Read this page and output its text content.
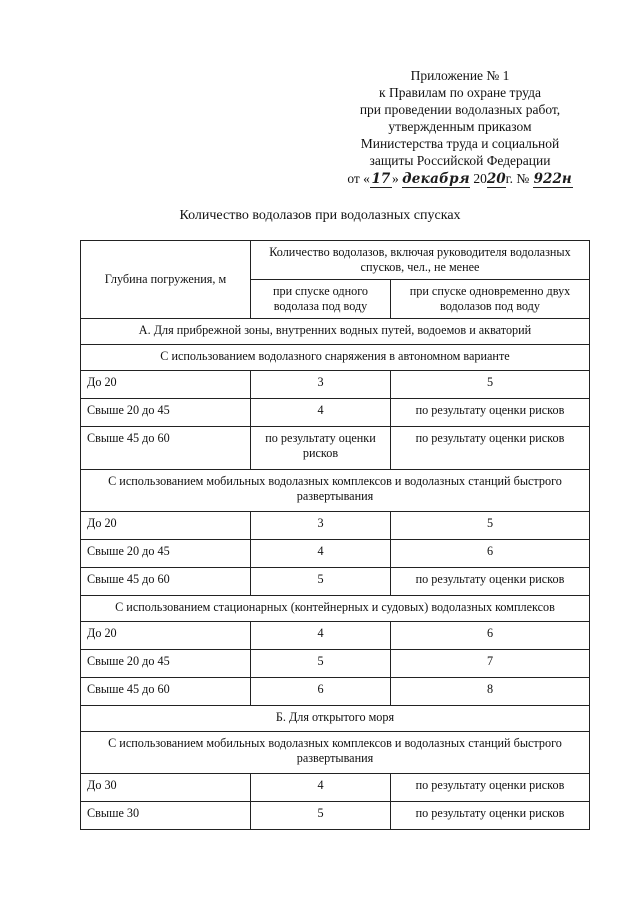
Приложение № 1
к Правилам по охране труда
при проведении водолазных работ,
утвержденным приказом
Министерства труда и социальной
защиты Российской Федерации
от « 17 » декабря 2020г. № 922н
Количество водолазов при водолазных спусках
Глубина погружения, м	Количество водолазов, включая руководителя водолазных спусков, чел., не менее	
	при спуске одного водолаза под воду	при спуске одновременно двух водолазов под воду
А. Для прибрежной зоны, внутренних водных путей, водоемов и акваторий		
С использованием водолазного снаряжения в автономном варианте		
До 20	3	5
Свыше 20 до 45	4	по результату оценки рисков
Свыше 45 до 60	по результату оценки рисков	по результату оценки рисков
С использованием мобильных водолазных комплексов и водолазных станций быстрого развертывания		
До 20	3	5
Свыше 20 до 45	4	6
Свыше 45 до 60	5	по результату оценки рисков
С использованием стационарных (контейнерных и судовых) водолазных комплексов		
До 20	4	6
Свыше 20 до 45	5	7
Свыше 45 до 60	6	8
Б. Для открытого моря		
С использованием мобильных водолазных комплексов и водолазных станций быстрого развертывания		
До 30	4	по результату оценки рисков
Свыше 30	5	по результату оценки рисков
